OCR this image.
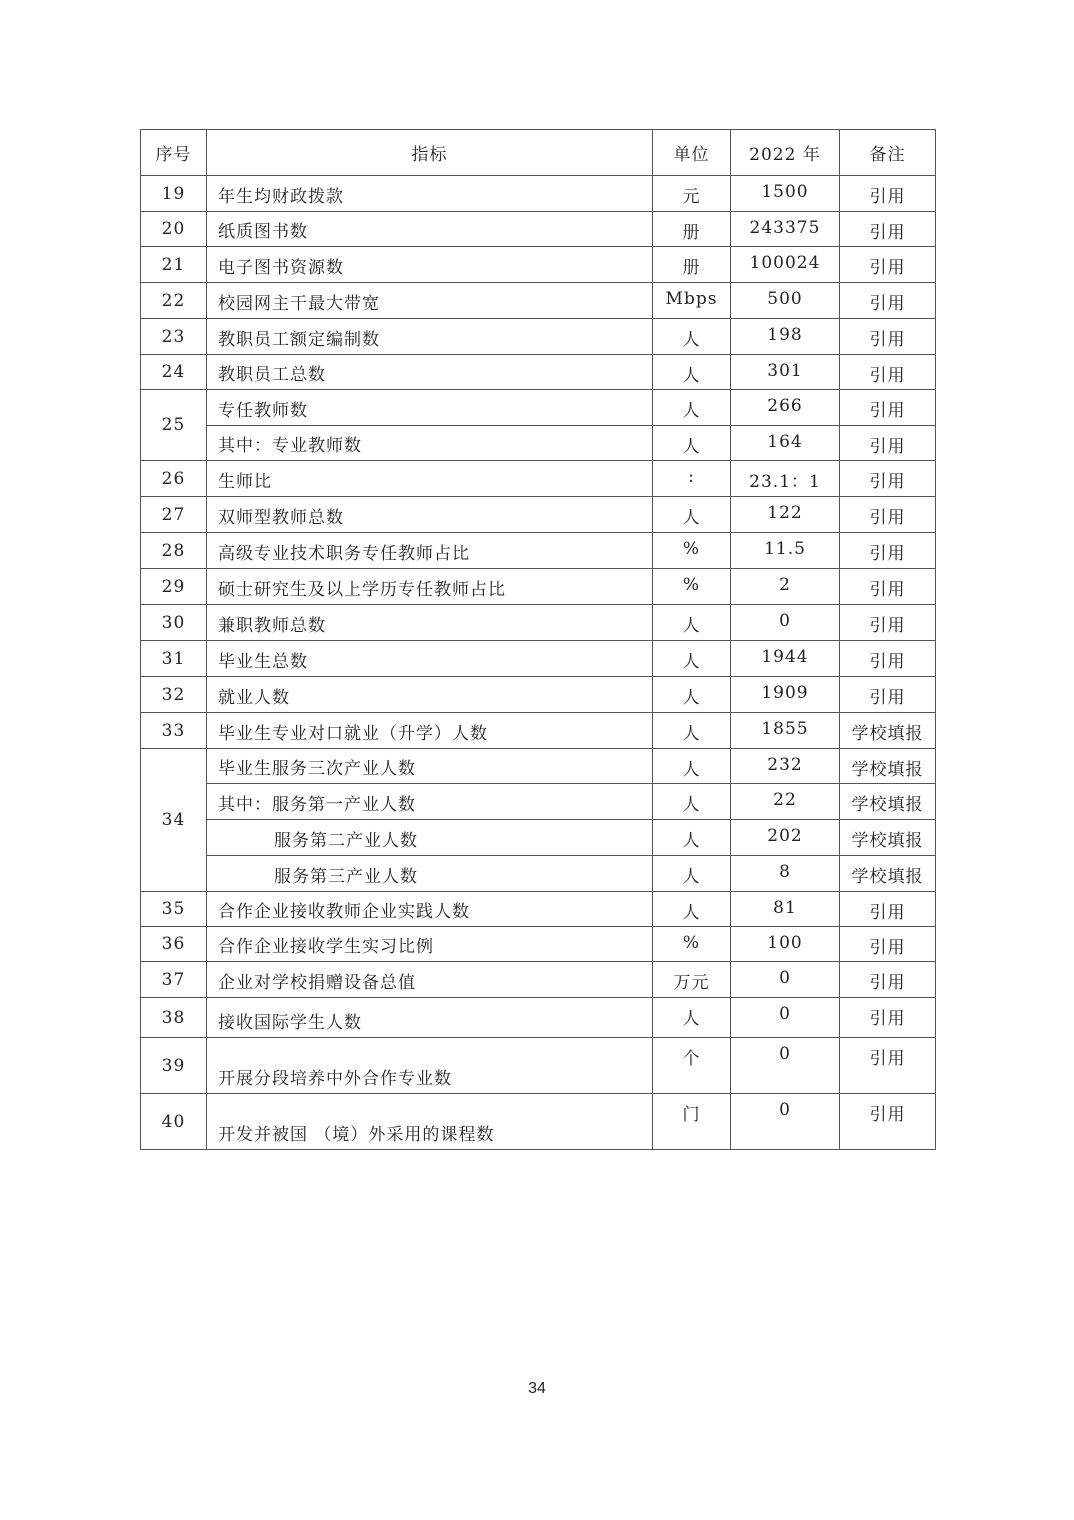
序号	指标	单位	2022 年	备注
19	年生均财政拨款	元	1500	引用
20	纸质图书数	册	243375	引用
21	电子图书资源数	册	100024	引用
22	校园网主干最大带宽	Mbps	500	引用
23	教职员工额定编制数	人	198	引用
24	教职员工总数	人	301	引用
25	专任教师数	人	266	引用
	其中：专业教师数	人	164	引用
26	生师比	:	23.1：1	引用
27	双师型教师总数	人	122	引用
28	高级专业技术职务专任教师占比	%	11.5	引用
29	硕士研究生及以上学历专任教师占比	%	2	引用
30	兼职教师总数	人	0	引用
31	毕业生总数	人	1944	引用
32	就业人数	人	1909	引用
33	毕业生专业对口就业（升学）人数	人	1855	学校填报
34	毕业生服务三次产业人数	人	232	学校填报
	其中：服务第一产业人数	人	22	学校填报
	服务第二产业人数	人	202	学校填报
	服务第三产业人数	人	8	学校填报
35	合作企业接收教师企业实践人数	人	81	引用
36	合作企业接收学生实习比例	%	100	引用
37	企业对学校捐赠设备总值	万元	0	引用
38	接收国际学生人数	人	0	引用
39	开展分段培养中外合作专业数	个	0	引用
40	开发并被国 （境）外采用的课程数	门	0	引用
34
